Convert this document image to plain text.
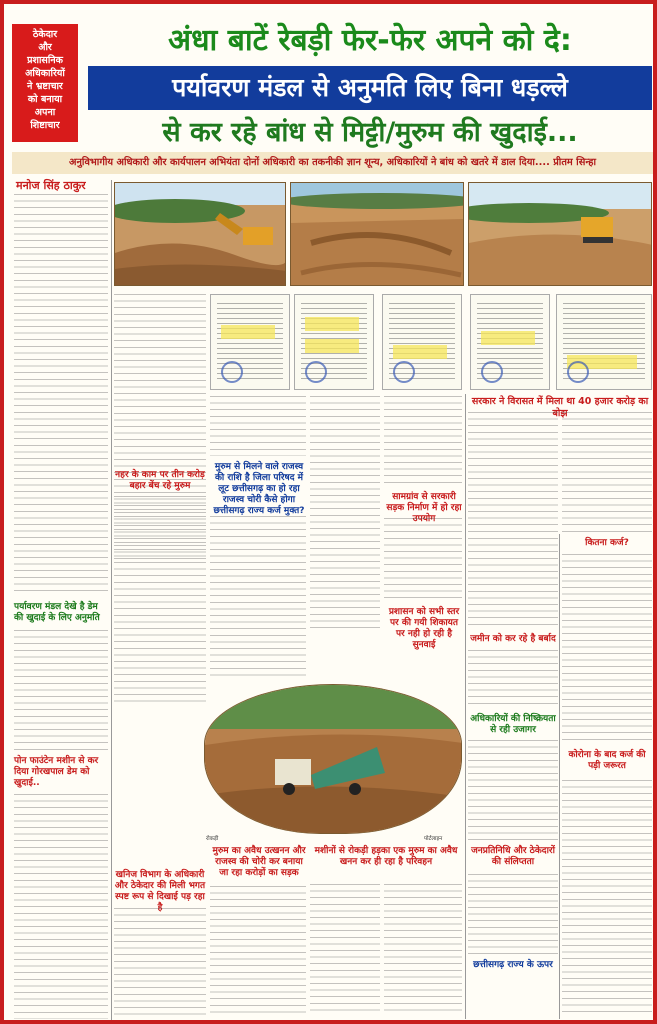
ठेकेदार
और
प्रशासनिक
अधिकारियों
ने भ्रष्टाचार
को बनाया
अपना
शिष्टाचार
अंधा बाटें रेबड़ी फेर-फेर अपने को दे:
पर्यावरण मंडल से अनुमति लिए बिना धड़ल्ले
से कर रहे बांध से मिट्टी/मुरुम की खुदाई...
अनुविभागीय अधिकारी और कार्यपालन अभियंता दोनों अधिकारी का तकनीकी ज्ञान शून्य, अधिकारियों ने बांध को खतरे में डाल दिया.... प्रीतम सिन्हा
मनोज सिंह ठाकुर
पर्यावरण मंडल देखे है डेम की खुदाई के लिए अनुमति
पोन फाउंटेन मशीन से कर दिया गोरखपाल डेम को खुदाई..
नहर के काम पर तीन करोड़ बहार बेंच रहे मुरुम
मुरुम से मिलने वाले राजस्व की राशि है जिला परिषद में लूट छत्तीसगढ़ का हो रहा राजस्व चोरी कैसे होगा छत्तीसगढ़ राज्य कर्ज मुक्त?
सामग्रांव से सरकारी सड़क निर्माण में हो रहा उपयोग
प्रशासन को सभी स्तर पर की गयी शिकायत पर नही हो रही है सुनवाई
सरकार ने विरासत में मिला था 40 हजार करोड़ का बोझ
कितना कर्ज?
जमीन को कर रहे है बर्बाद
अधिकारियों की निष्क्रियता से रही उजागर
जनप्रतिनिधि और ठेकेदारों की संलिप्तता
छत्तीसगढ़ राज्य के ऊपर
कोरोना के बाद कर्ज की पड़ी जरूरत
रोकड़ी	पोर्टलाइन
खनिज विभाग के अधिकारी और ठेकेदार की मिली भगत स्पष्ट रूप से दिखाई पड़ रहा है
मुरुम का अवैध उत्खनन और राजस्व की चोरी कर बनाया जा रहा करोड़ों का सड़क
मशीनों से रोकड़ी हड़का एक मुरुम का अवैध खनन कर ही रहा है परिवहन
